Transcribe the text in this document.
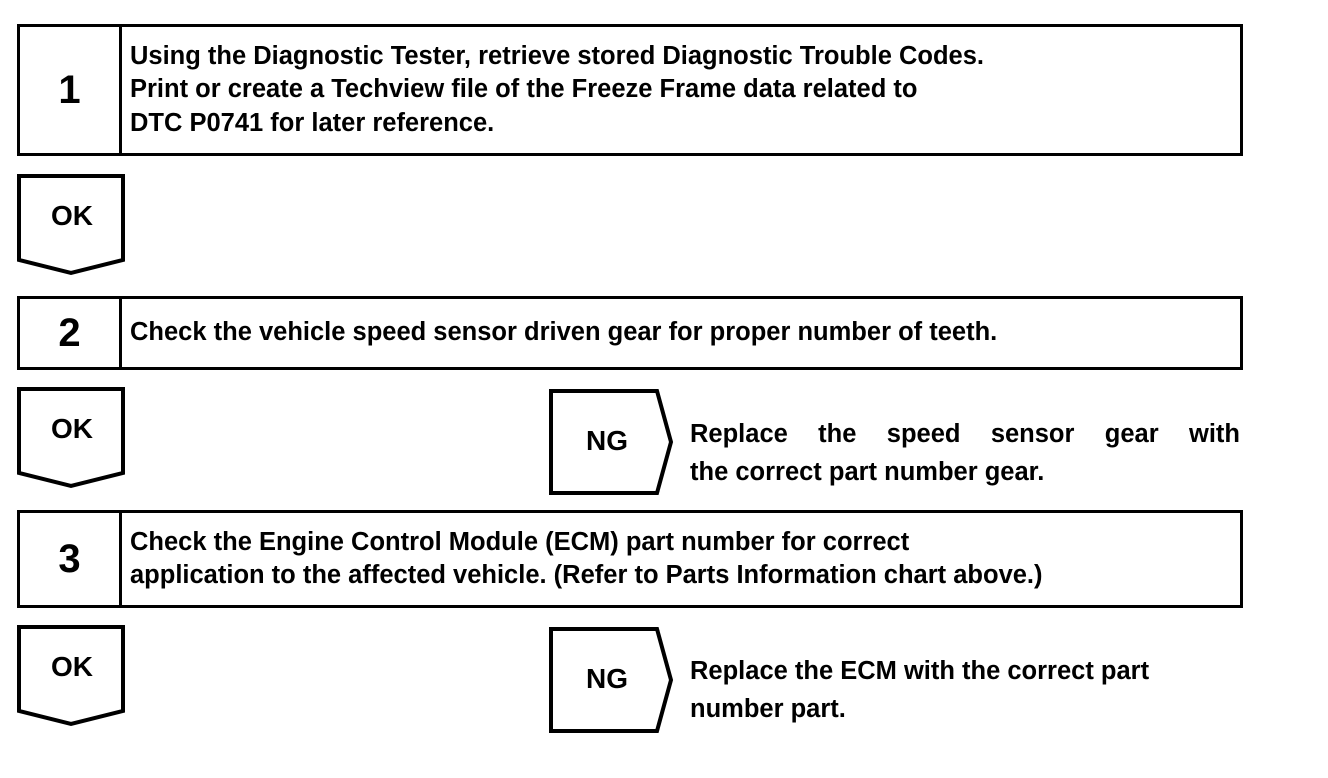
1
Using the Diagnostic Tester, retrieve stored Diagnostic Trouble Codes.
Print or create a Techview file of the Freeze Frame data related to
DTC P0741 for later reference.
OK
2	Check the vehicle speed sensor driven gear for proper number of teeth.
OK	NG	Replace the speed sensor gear with
the correct part number gear.
3	Check the Engine Control Module (ECM) part number for correct
application to the affected vehicle. (Refer to Parts Information chart above.)
OK	NG	Replace the ECM with the correct part
number part.
